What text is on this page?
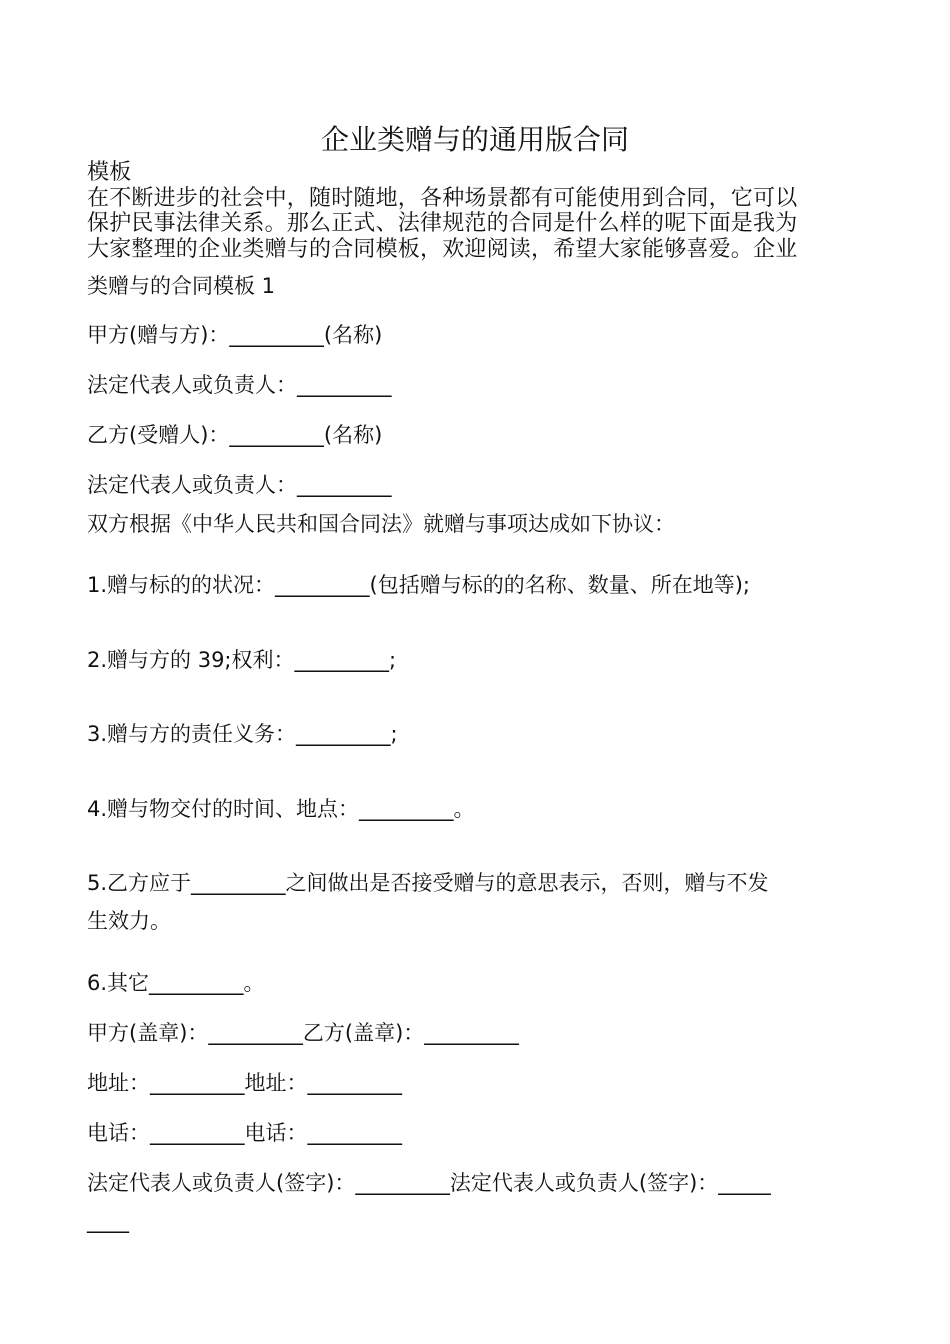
企业类赠与的通用版合同
模板
在不断进步的社会中，随时随地，各种场景都有可能使用到合同，它可以
保护民事法律关系。那么正式、法律规范的合同是什么样的呢下面是我为
大家整理的企业类赠与的合同模板，欢迎阅读，希望大家能够喜爱。企业
类赠与的合同模板 1
甲方(赠与方)：_________(名称)
法定代表人或负责人：_________
乙方(受赠人)：_________(名称)
法定代表人或负责人：_________
双方根据《中华人民共和国合同法》就赠与事项达成如下协议：
1.赠与标的的状况：_________(包括赠与标的的名称、数量、所在地等);
2.赠与方的 39;权利：_________;
3.赠与方的责任义务：_________;
4.赠与物交付的时间、地点：_________。
5.乙方应于_________之间做出是否接受赠与的意思表示，否则，赠与不发
生效力。
6.其它_________。
甲方(盖章)：_________乙方(盖章)：_________
地址：_________地址：_________
电话：_________电话：_________
法定代表人或负责人(签字)：_________法定代表人或负责人(签字)：_____
____
